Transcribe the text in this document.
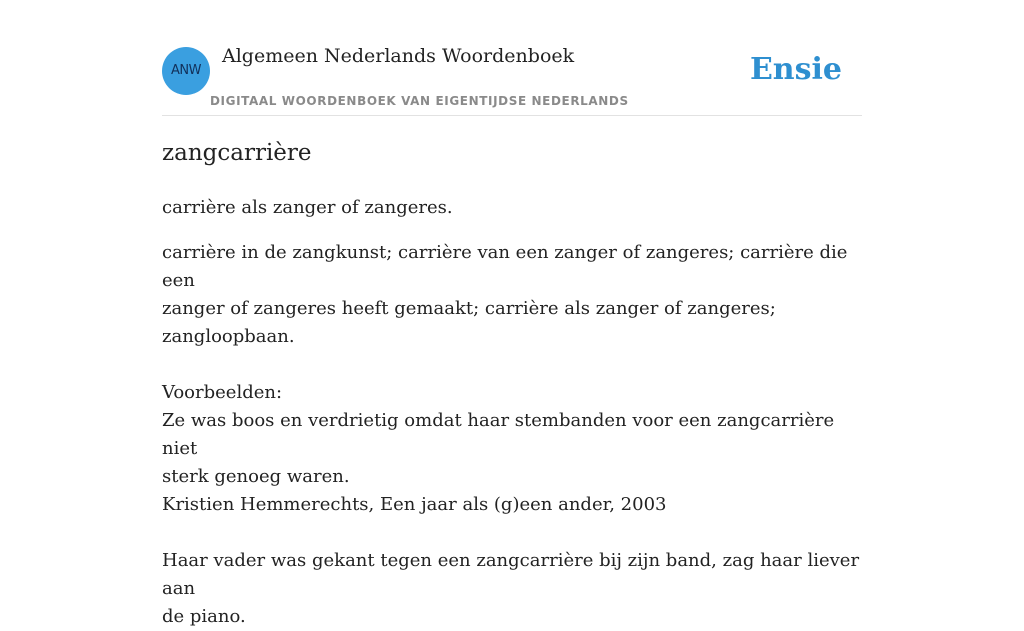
ANW
Algemeen Nederlands Woordenboek
DIGITAAL WOORDENBOEK VAN EIGENTIJDSE NEDERLANDS
Ensie
zangcarrière
carrière als zanger of zangeres.

carrière in de zangkunst; carrière van een zanger of zangeres; carrière die een

zanger of zangeres heeft gemaakt; carrière als zanger of zangeres; zangloopbaan.

Voorbeelden:

Ze was boos en verdrietig omdat haar stembanden voor een zangcarrière niet

sterk genoeg waren.

Kristien Hemmerechts, Een jaar als (g)een ander, 2003

Haar vader was gekant tegen een zangcarrière bij zijn band, zag haar liever aan

de piano.
